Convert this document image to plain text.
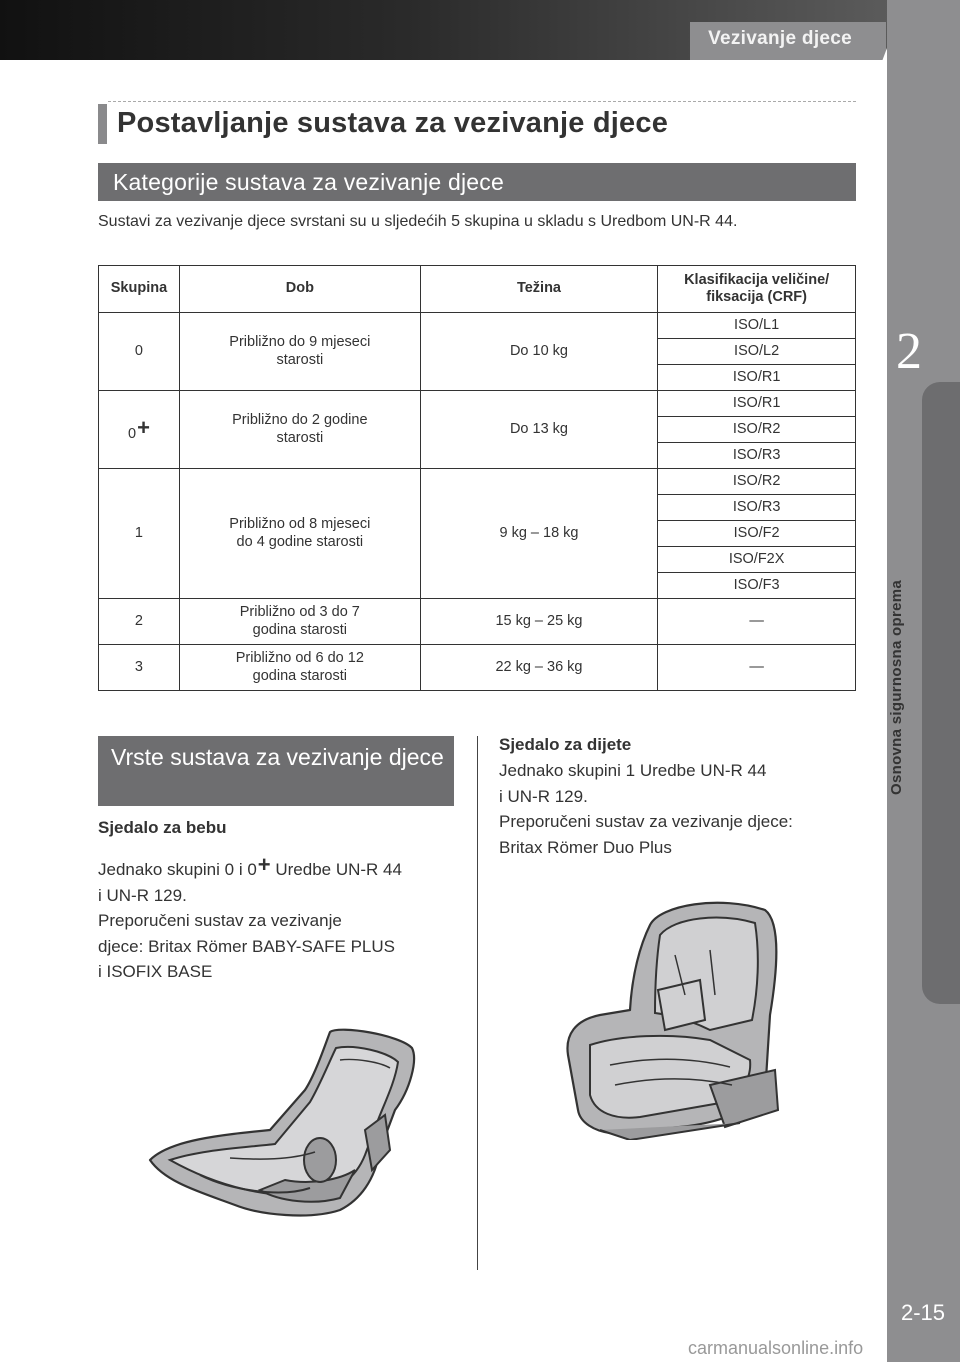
Vezivanje djece
2
Osnovna sigurnosna oprema
2-15
Postavljanje sustava za vezivanje djece
Kategorije sustava za vezivanje djece
Sustavi za vezivanje djece svrstani su u sljedećih 5 skupina u skladu s Uredbom UN-R 44.
Skupina	Dob	Težina	Klasifikacija veličine/ fiksacija (CRF)
0	Približno do 9 mjeseci starosti	Do 10 kg	ISO/L1
			ISO/L2
			ISO/R1
0+	Približno do 2 godine starosti	Do 13 kg	ISO/R1
			ISO/R2
			ISO/R3
1	Približno od 8 mjeseci do 4 godine starosti	9 kg – 18 kg	ISO/R2
			ISO/R3
			ISO/F2
			ISO/F2X
			ISO/F3
2	Približno od 3 do 7 godina starosti	15 kg – 25 kg	—
3	Približno od 6 do 12 godina starosti	22 kg – 36 kg	—
Vrste sustava za vezivanje djece
Sjedalo za bebu
Jednako skupini 0 i 0+ Uredbe UN-R 44
i UN-R 129.
Preporučeni sustav za vezivanje
djece: Britax Römer BABY-SAFE PLUS
i ISOFIX BASE
Sjedalo za dijete
Jednako skupini 1 Uredbe UN-R 44
i UN-R 129.
Preporučeni sustav za vezivanje djece:
Britax Römer Duo Plus
carmanualsonline.info
